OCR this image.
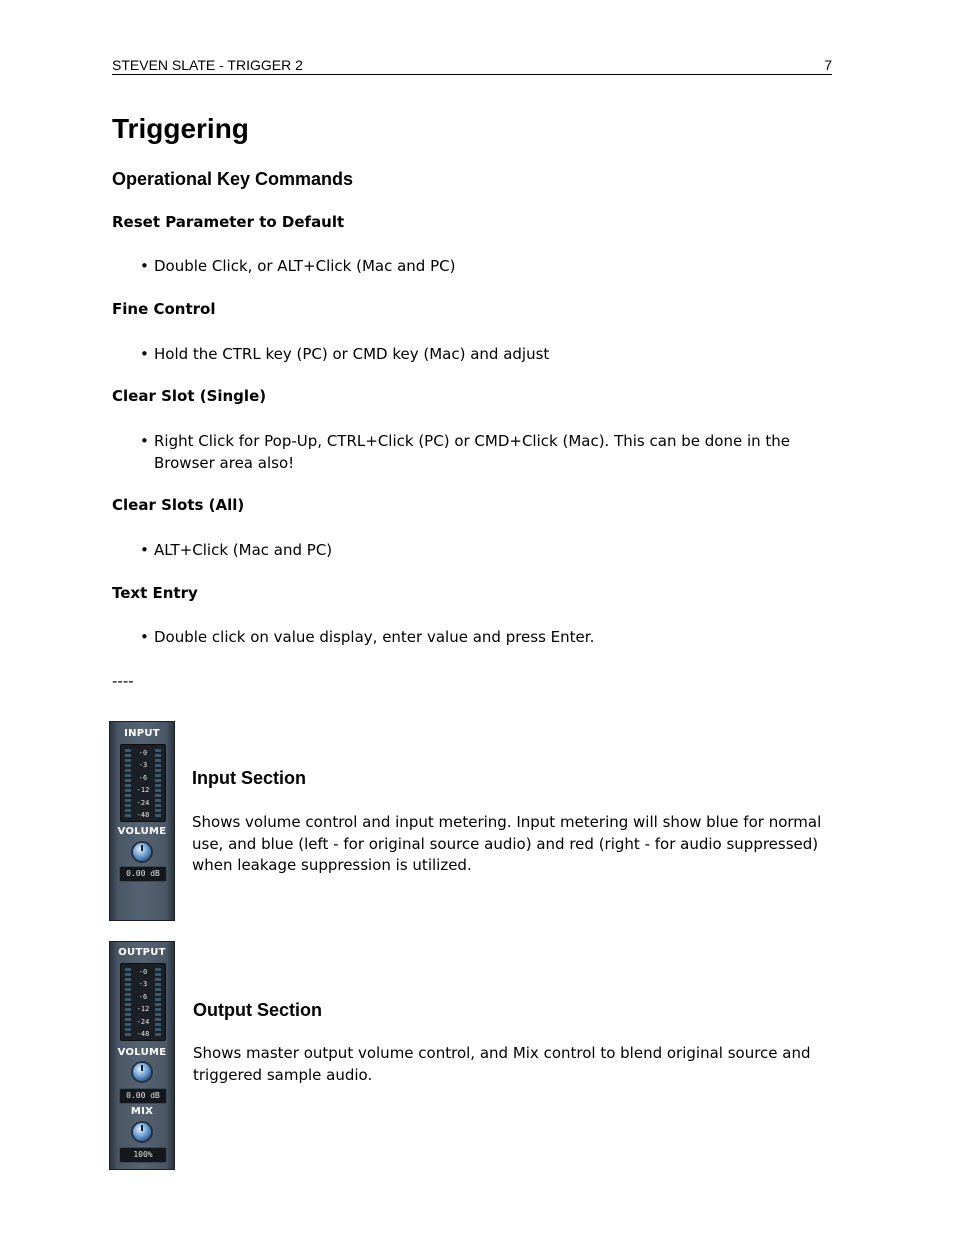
STEVEN SLATE - TRIGGER 2	7
Triggering
Operational Key Commands

Reset Parameter to Default

• Double Click, or ALT+Click (Mac and PC)

Fine Control

• Hold the CTRL key (PC) or CMD key (Mac) and adjust

Clear Slot (Single)

• Right Click for Pop-Up, CTRL+Click (PC) or CMD+Click (Mac). This can be done in the Browser area also!

Clear Slots (All)

• ALT+Click (Mac and PC)

Text Entry

• Double click on value display, enter value and press Enter.
----
INPUT
-0
-3
-6
-12
-24
-48
VOLUME
0.00 dB
Input Section

Shows volume control and input metering. Input metering will show blue for normal use, and blue (left - for original source audio) and red (right - for audio suppressed) when leakage suppression is utilized.

OUTPUT
-0
-3
-6
-12
-24
-48
VOLUME
0.00 dB
MIX
100%
Output Section

Shows master output volume control, and Mix control to blend original source and triggered sample audio.
